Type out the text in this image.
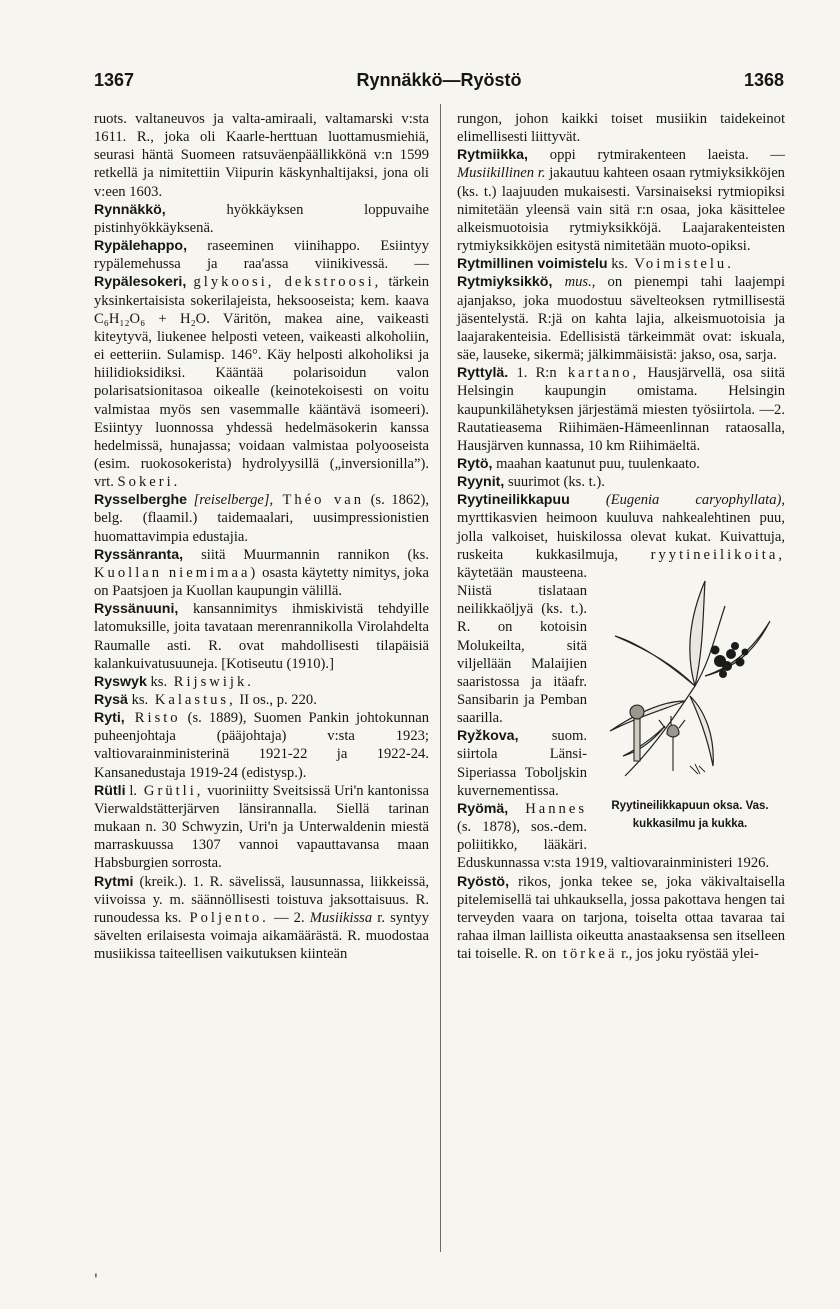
1367	Rynnäkkö—Ryöstö	1368

ruots. valtaneuvos ja valta-amiraali, valtamarski v:sta 1611. R., joka oli Kaarle-herttuan luottamusmiehiä, seurasi häntä Suomeen ratsuväenpäällikkönä v:n 1599 retkellä ja nimitettiin Viipurin käskynhaltijaksi, jona oli v:een 1603.

Rynnäkkö, hyökkäyksen loppuvaihe pistinhyökkäyksenä.

Rypälehappo, raseeminen viinihappo. Esiintyy rypälemehussa ja raa'assa viinikivessä. — Rypälesokeri, glykoosi, dekstroosi, tärkein yksinkertaisista sokerilajeista, heksooseista; kem. kaava C₆H₁₂O₆ + H₂O. Väritön, makea aine, vaikeasti kiteytyvä, liukenee helposti veteen, vaikeasti alkoholiin, ei eetteriin. Sulamisp. 146°. Käy helposti alkoholiksi ja hiilidioksidiksi. Kääntää polarisoidun valon polarisatsionitasoa oikealle (keinotekoisesti on voitu valmistaa myös sen vasemmalle kääntävä isomeeri). Esiintyy luonnossa yhdessä hedelmäsokerin kanssa hedelmissä, hunajassa; voidaan valmistaa polyooseista (esim. ruokosokerista) hydrolyysillä („inversionilla”). vrt. Sokeri.

Rysselberghe [reiselberge], Théo van (s. 1862), belg. (flaamil.) taidemaalari, uusimpressionistien huomattavimpia edustajia.

Ryssänranta, siitä Muurmannin rannikon (ks. Kuollan niemimaa) osasta käytetty nimitys, joka on Paatsjoen ja Kuollan kaupungin välillä.

Ryssänuuni, kansannimitys ihmiskivistä tehdyille latomuksille, joita tavataan merenrannikolla Virolahdelta Raumalle asti. R. ovat mahdollisesti tilapäisiä kalankuivatusuuneja. [Kotiseutu (1910).]

Ryswyk ks. Rijswijk.

Rysä ks. Kalastus, II os., p. 220.

Ryti, Risto (s. 1889), Suomen Pankin johtokunnan puheenjohtaja (pääjohtaja) v:sta 1923; valtiovarainministerinä 1921-22 ja 1922-24. Kansanedustaja 1919-24 (edistysp.).

Rütli l. Grütli, vuoriniitty Sveitsissä Uri'n kantonissa Vierwaldstätterjärven länsirannalla. Siellä tarinan mukaan n. 30 Schwyzin, Uri'n ja Unterwaldenin miestä marraskuussa 1307 vannoi vapauttavansa maan Habsburgien sorrosta.

Rytmi (kreik.). 1. R. sävelissä, lausunnassa, liikkeissä, viivoissa y. m. säännöllisesti toistuva jaksottaisuus. R. runoudessa ks. Poljento. — 2. Musiikissa r. syntyy sävelten erilaisesta voimaja aikamäärästä. R. muodostaa musiikissa taiteellisen vaikutuksen kiinteän

rungon, johon kaikki toiset musiikin taidekeinot elimellisesti liittyvät.

Rytmiikka, oppi rytmirakenteen laeista. — Musiikillinen r. jakautuu kahteen osaan rytmiyksikköjen (ks. t.) laajuuden mukaisesti. Varsinaiseksi rytmiopiksi nimitetään yleensä vain sitä r:n osaa, joka käsittelee alkeismuotoisia rytmiyksikköjä. Laajarakenteisten rytmiyksikköjen esitystä nimitetään muoto-opiksi.

Rytmillinen voimistelu ks. Voimistelu.

Rytmiyksikkö, mus., on pienempi tahi laajempi ajanjakso, joka muodostuu sävelteoksen rytmillisestä jäsentelystä. R:jä on kahta lajia, alkeismuotoisia ja laajarakenteisia. Edellisistä tärkeimmät ovat: iskuala, säe, lauseke, sikermä; jälkimmäisistä: jakso, osa, sarja.

Ryttylä. 1. R:n kartano, Hausjärvellä, osa siitä Helsingin kaupungin omistama. Helsingin kaupunkilähetyksen järjestämä miesten työsiirtola. —2. Rautatieasema Riihimäen-Hämeenlinnan rataosalla, Hausjärven kunnassa, 10 km Riihimäeltä.

Rytö, maahan kaatunut puu, tuulenkaato.

Ryynit, suurimot (ks. t.).

Ryytineilikkapuu (Eugenia caryophyllata), myrttikasvien heimoon kuuluva nahkealehtinen puu, jolla valkoiset, huiskilossa olevat kukat. Kuivattuja, ruskeita kukkasilmuja,
Ryytineilikkapuun oksa. Vas. kukkasilmu ja kukka.
ryytineilikoita, käytetään mausteena. Niistä tislataan neilikkaöljyä (ks. t.). R. on kotoisin Molukeilta, sitä viljellään Malaijien saaristossa ja itäafr. Sansibarin ja Pemban saarilla.

Ryžkova, suom. siirtola Länsi-Siperiassa Toboljskin kuvernementissa.

Ryömä, Hannes (s. 1878), sos.-dem. poliitikko, lääkäri. Eduskunnassa v:sta 1919, valtiovarainministeri 1926.

Ryöstö, rikos, jonka tekee se, joka väkivaltaisella pitelemisellä tai uhkauksella, jossa pakottava hengen tai terveyden vaara on tarjona, toiselta ottaa tavaraa tai rahaa ilman laillista oikeutta anastaaksensa sen itselleen tai toiselle. R. on törkeä r., jos joku ryöstää ylei-

'
